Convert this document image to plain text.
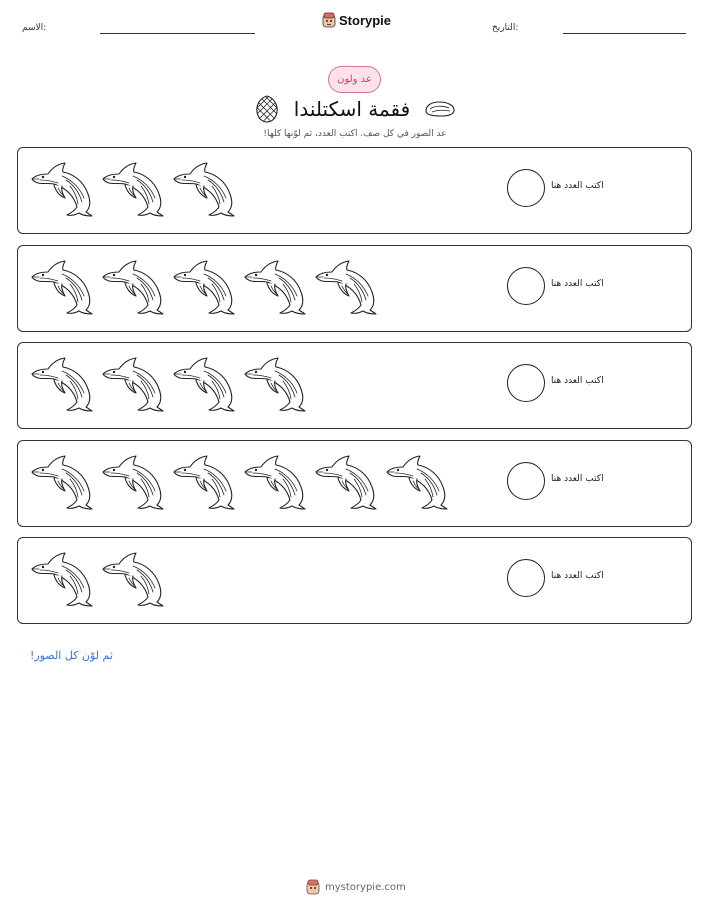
الاسم:
Storypie
التاريخ:
عد ولون
فقمة اسكتلندا
عد الصور في كل صف. اكتب العدد، ثم لوّنها كلها!
اكتب العدد هنا
اكتب العدد هنا
اكتب العدد هنا
اكتب العدد هنا
اكتب العدد هنا
ثم لوّن كل الصور!
mystorypie.com
